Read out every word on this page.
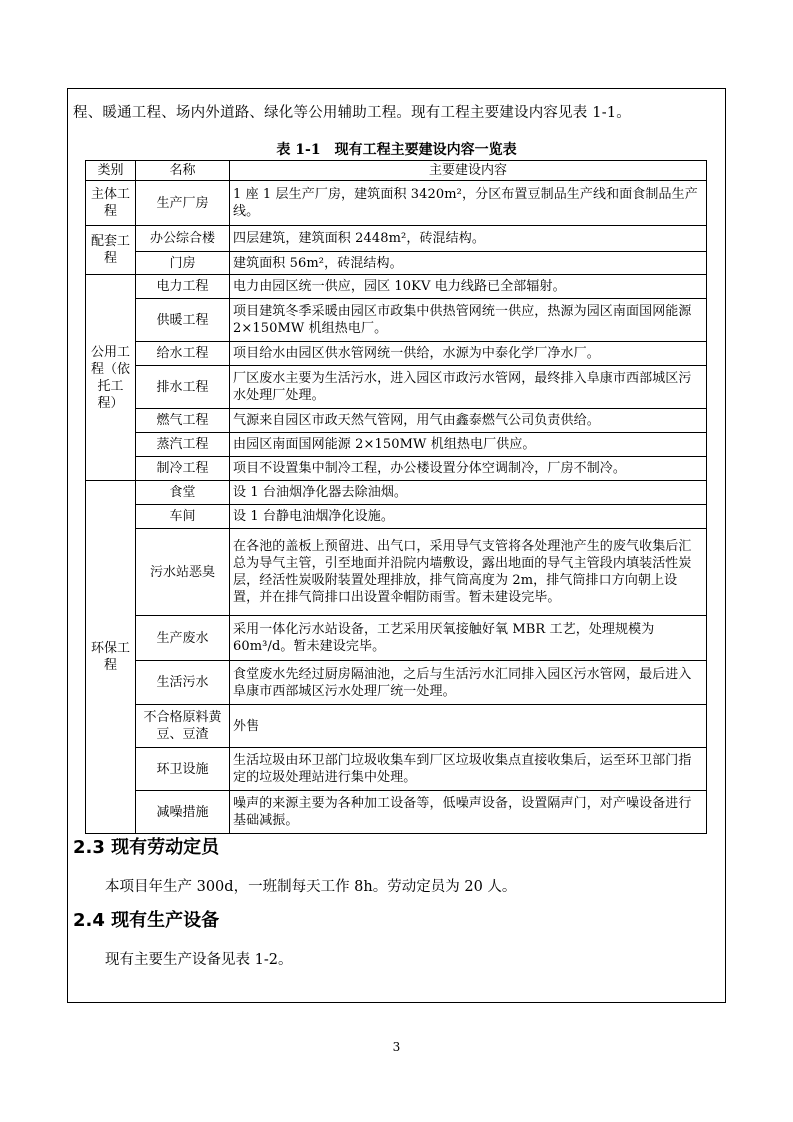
程、暖通工程、场内外道路、绿化等公用辅助工程。现有工程主要建设内容见表 1-1。
表 1-1　现有工程主要建设内容一览表
类别	名称	主要建设内容
主体工程	生产厂房	1 座 1 层生产厂房，建筑面积 3420m²，分区布置豆制品生产线和面食制品生产线。
配套工程	办公综合楼	四层建筑，建筑面积 2448m²，砖混结构。
	门房	建筑面积 56m²，砖混结构。
公用工程（依托工程）	电力工程	电力由园区统一供应，园区 10KV 电力线路已全部辐射。
	供暖工程	项目建筑冬季采暖由园区市政集中供热管网统一供应，热源为园区南面国网能源 2×150MW 机组热电厂。
	给水工程	项目给水由园区供水管网统一供给，水源为中泰化学厂净水厂。
	排水工程	厂区废水主要为生活污水，进入园区市政污水管网，最终排入阜康市西部城区污水处理厂处理。
	燃气工程	气源来自园区市政天然气管网，用气由鑫泰燃气公司负责供给。
	蒸汽工程	由园区南面国网能源 2×150MW 机组热电厂供应。
	制冷工程	项目不设置集中制冷工程，办公楼设置分体空调制冷，厂房不制冷。
环保工程	食堂	设 1 台油烟净化器去除油烟。
	车间	设 1 台静电油烟净化设施。
	污水站恶臭	在各池的盖板上预留进、出气口，采用导气支管将各处理池产生的废气收集后汇总为导气主管，引至地面并沿院内墙敷设，露出地面的导气主管段内填装活性炭层，经活性炭吸附装置处理排放，排气筒高度为 2m，排气筒排口方向朝上设置，并在排气筒排口出设置伞帽防雨雪。暂未建设完毕。
	生产废水	采用一体化污水站设备，工艺采用厌氧接触好氧 MBR 工艺，处理规模为 60m³/d。暂未建设完毕。
	生活污水	食堂废水先经过厨房隔油池，之后与生活污水汇同排入园区污水管网，最后进入阜康市西部城区污水处理厂统一处理。
	不合格原料黄豆、豆渣	外售
	环卫设施	生活垃圾由环卫部门垃圾收集车到厂区垃圾收集点直接收集后，运至环卫部门指定的垃圾处理站进行集中处理。
	减噪措施	噪声的来源主要为各种加工设备等，低噪声设备，设置隔声门，对产噪设备进行基础减振。
2.3 现有劳动定员
本项目年生产 300d，一班制每天工作 8h。劳动定员为 20 人。
2.4 现有生产设备
现有主要生产设备见表 1-2。
3
